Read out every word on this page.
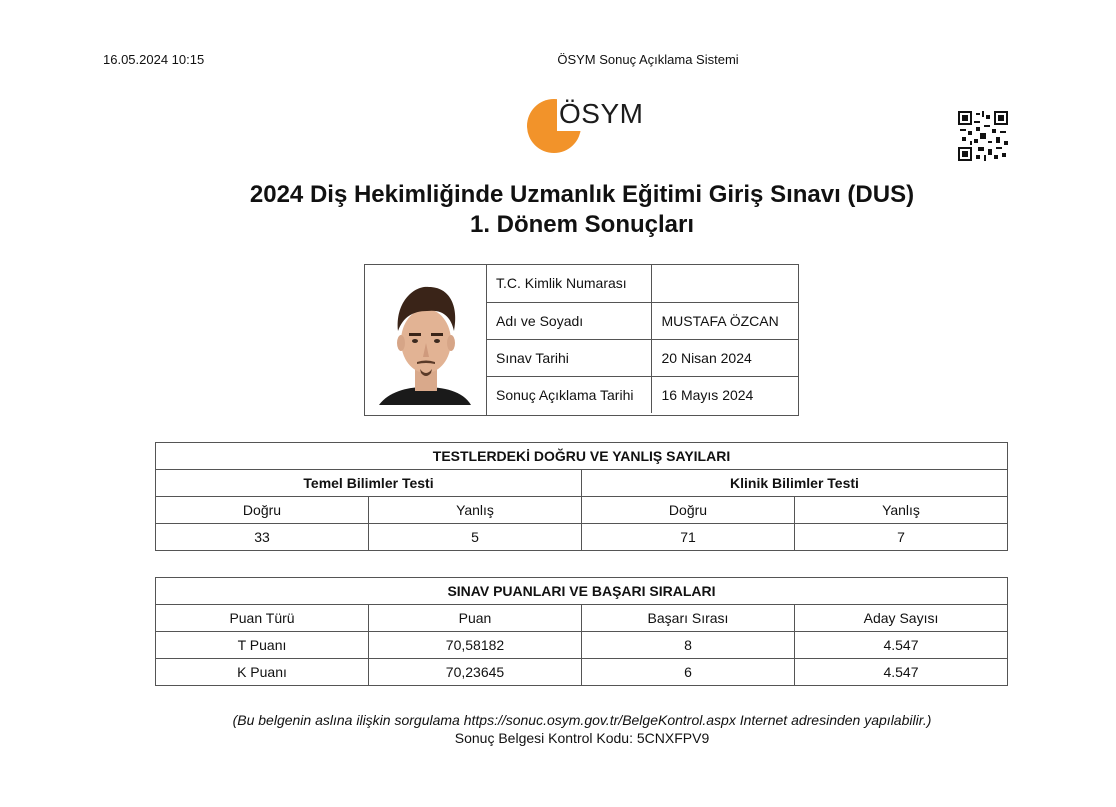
16.05.2024 10:15	ÖSYM Sonuç Açıklama Sistemi
ÖSYM
2024 Diş Hekimliğinde Uzmanlık Eğitimi Giriş Sınavı (DUS)
1. Dönem Sonuçları
T.C. Kimlik Numarası	
Adı ve Soyadı	MUSTAFA ÖZCAN
Sınav Tarihi	20 Nisan 2024
Sonuç Açıklama Tarihi	16 Mayıs 2024
TESTLERDEKİ DOĞRU VE YANLIŞ SAYILARI			
Temel Bilimler Testi		Klinik Bilimler Testi	
Doğru	Yanlış	Doğru	Yanlış
33	5	71	7
SINAV PUANLARI VE BAŞARI SIRALARI			
Puan Türü	Puan	Başarı Sırası	Aday Sayısı
T Puanı	70,58182	8	4.547
K Puanı	70,23645	6	4.547
(Bu belgenin aslına ilişkin sorgulama https://sonuc.osym.gov.tr/BelgeKontrol.aspx Internet adresinden yapılabilir.)
Sonuç Belgesi Kontrol Kodu: 5CNXFPV9
